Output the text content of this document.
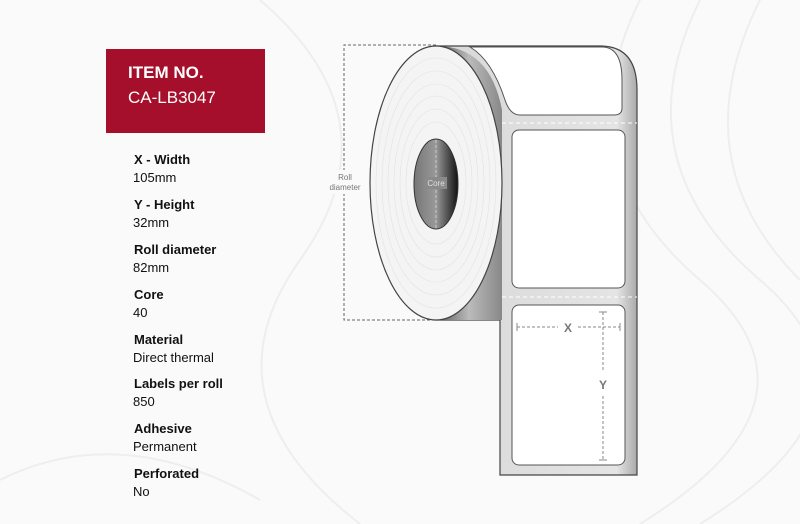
ITEM NO.
CA-LB3047
X - Width
105mm
Y - Height
32mm
Roll diameter
82mm
Core
40
Material
Direct thermal
Labels per roll
850
Adhesive
Permanent
Perforated
No
Core
Roll
diameter
X
Y
